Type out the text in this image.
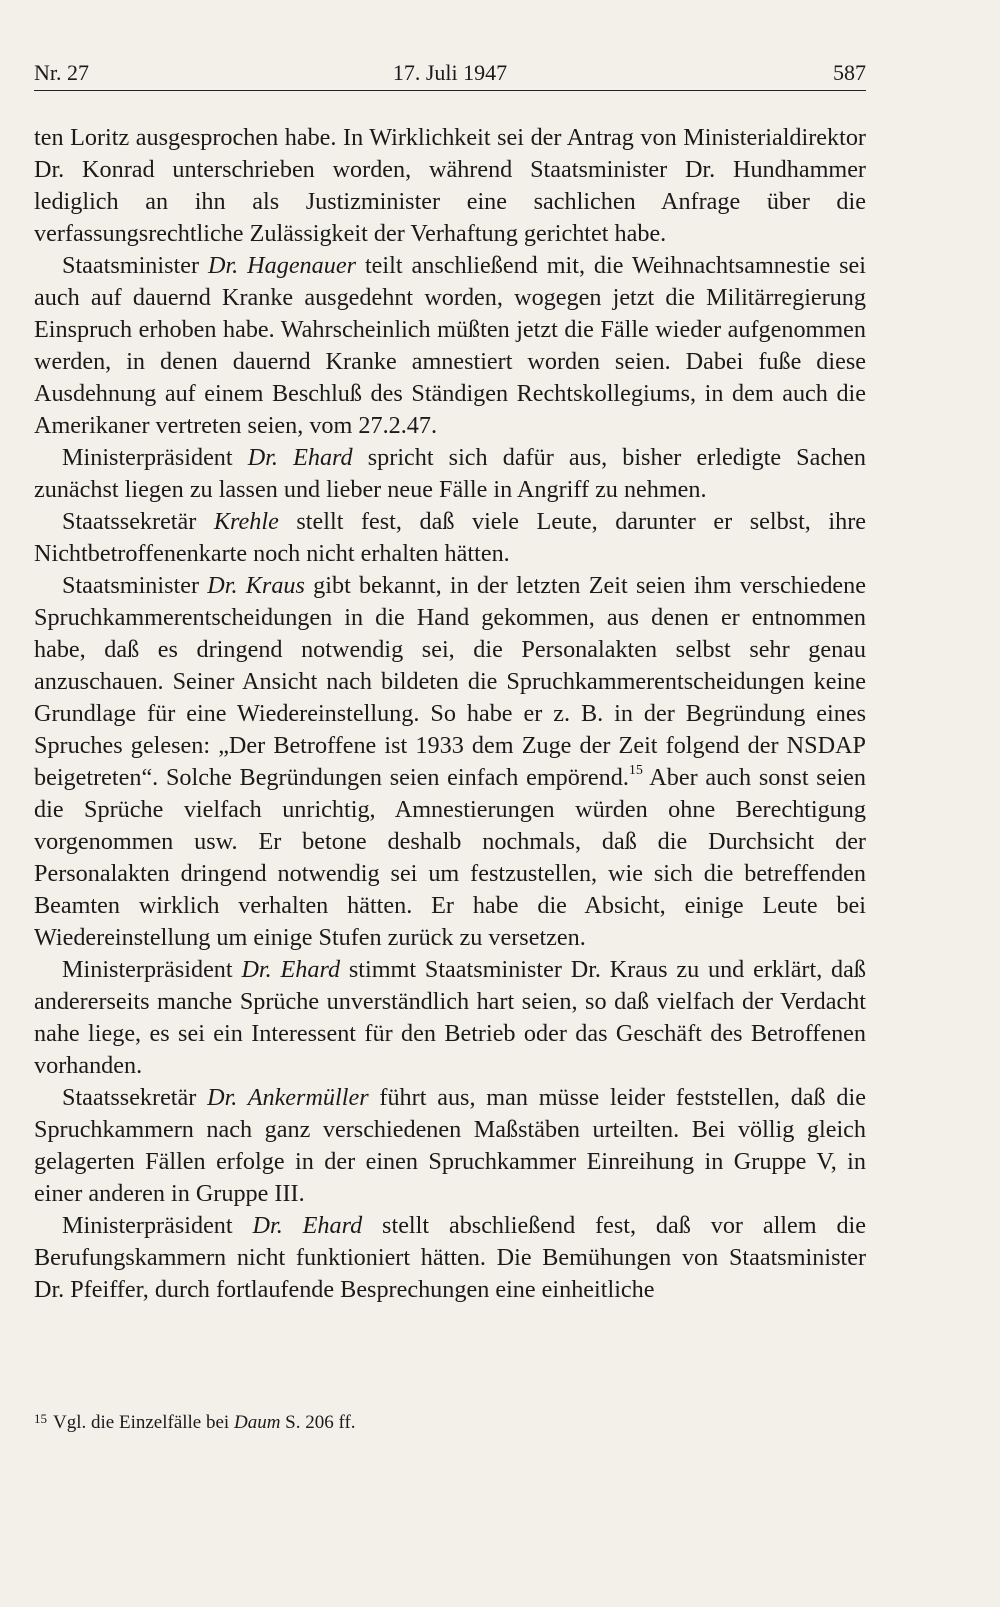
Nr. 27	17. Juli 1947	587

ten Loritz ausgesprochen habe. In Wirklichkeit sei der Antrag von Ministerialdirektor Dr. Konrad unterschrieben worden, während Staatsminister Dr. Hundhammer lediglich an ihn als Justizminister eine sachlichen Anfrage über die verfassungsrechtliche Zulässigkeit der Verhaftung gerichtet habe.

Staatsminister Dr. Hagenauer teilt anschließend mit, die Weihnachtsamnestie sei auch auf dauernd Kranke ausgedehnt worden, wogegen jetzt die Militärregierung Einspruch erhoben habe. Wahrscheinlich müßten jetzt die Fälle wieder aufgenommen werden, in denen dauernd Kranke amnestiert worden seien. Dabei fuße diese Ausdehnung auf einem Beschluß des Ständigen Rechtskollegiums, in dem auch die Amerikaner vertreten seien, vom 27.2.47.

Ministerpräsident Dr. Ehard spricht sich dafür aus, bisher erledigte Sachen zunächst liegen zu lassen und lieber neue Fälle in Angriff zu nehmen.

Staatssekretär Krehle stellt fest, daß viele Leute, darunter er selbst, ihre Nichtbetroffenenkarte noch nicht erhalten hätten.

Staatsminister Dr. Kraus gibt bekannt, in der letzten Zeit seien ihm verschiedene Spruchkammerentscheidungen in die Hand gekommen, aus denen er entnommen habe, daß es dringend notwendig sei, die Personalakten selbst sehr genau anzuschauen. Seiner Ansicht nach bildeten die Spruchkammerentscheidungen keine Grundlage für eine Wiedereinstellung. So habe er z. B. in der Begründung eines Spruches gelesen: „Der Betroffene ist 1933 dem Zuge der Zeit folgend der NSDAP beigetreten“. Solche Begründungen seien einfach empörend.$^{15}$ Aber auch sonst seien die Sprüche vielfach unrichtig, Amnestierungen würden ohne Berechtigung vorgenommen usw. Er betone deshalb nochmals, daß die Durchsicht der Personalakten dringend notwendig sei um festzustellen, wie sich die betreffenden Beamten wirklich verhalten hätten. Er habe die Absicht, einige Leute bei Wiedereinstellung um einige Stufen zurück zu versetzen.

Ministerpräsident Dr. Ehard stimmt Staatsminister Dr. Kraus zu und erklärt, daß andererseits manche Sprüche unverständlich hart seien, so daß vielfach der Verdacht nahe liege, es sei ein Interessent für den Betrieb oder das Geschäft des Betroffenen vorhanden.

Staatssekretär Dr. Ankermüller führt aus, man müsse leider feststellen, daß die Spruchkammern nach ganz verschiedenen Maßstäben urteilten. Bei völlig gleich gelagerten Fällen erfolge in der einen Spruchkammer Einreihung in Gruppe V, in einer anderen in Gruppe III.

Ministerpräsident Dr. Ehard stellt abschließend fest, daß vor allem die Berufungskammern nicht funktioniert hätten. Die Bemühungen von Staatsminister Dr. Pfeiffer, durch fortlaufende Besprechungen eine einheitliche

$^{15}$ Vgl. die Einzelfälle bei Daum S. 206 ff.
